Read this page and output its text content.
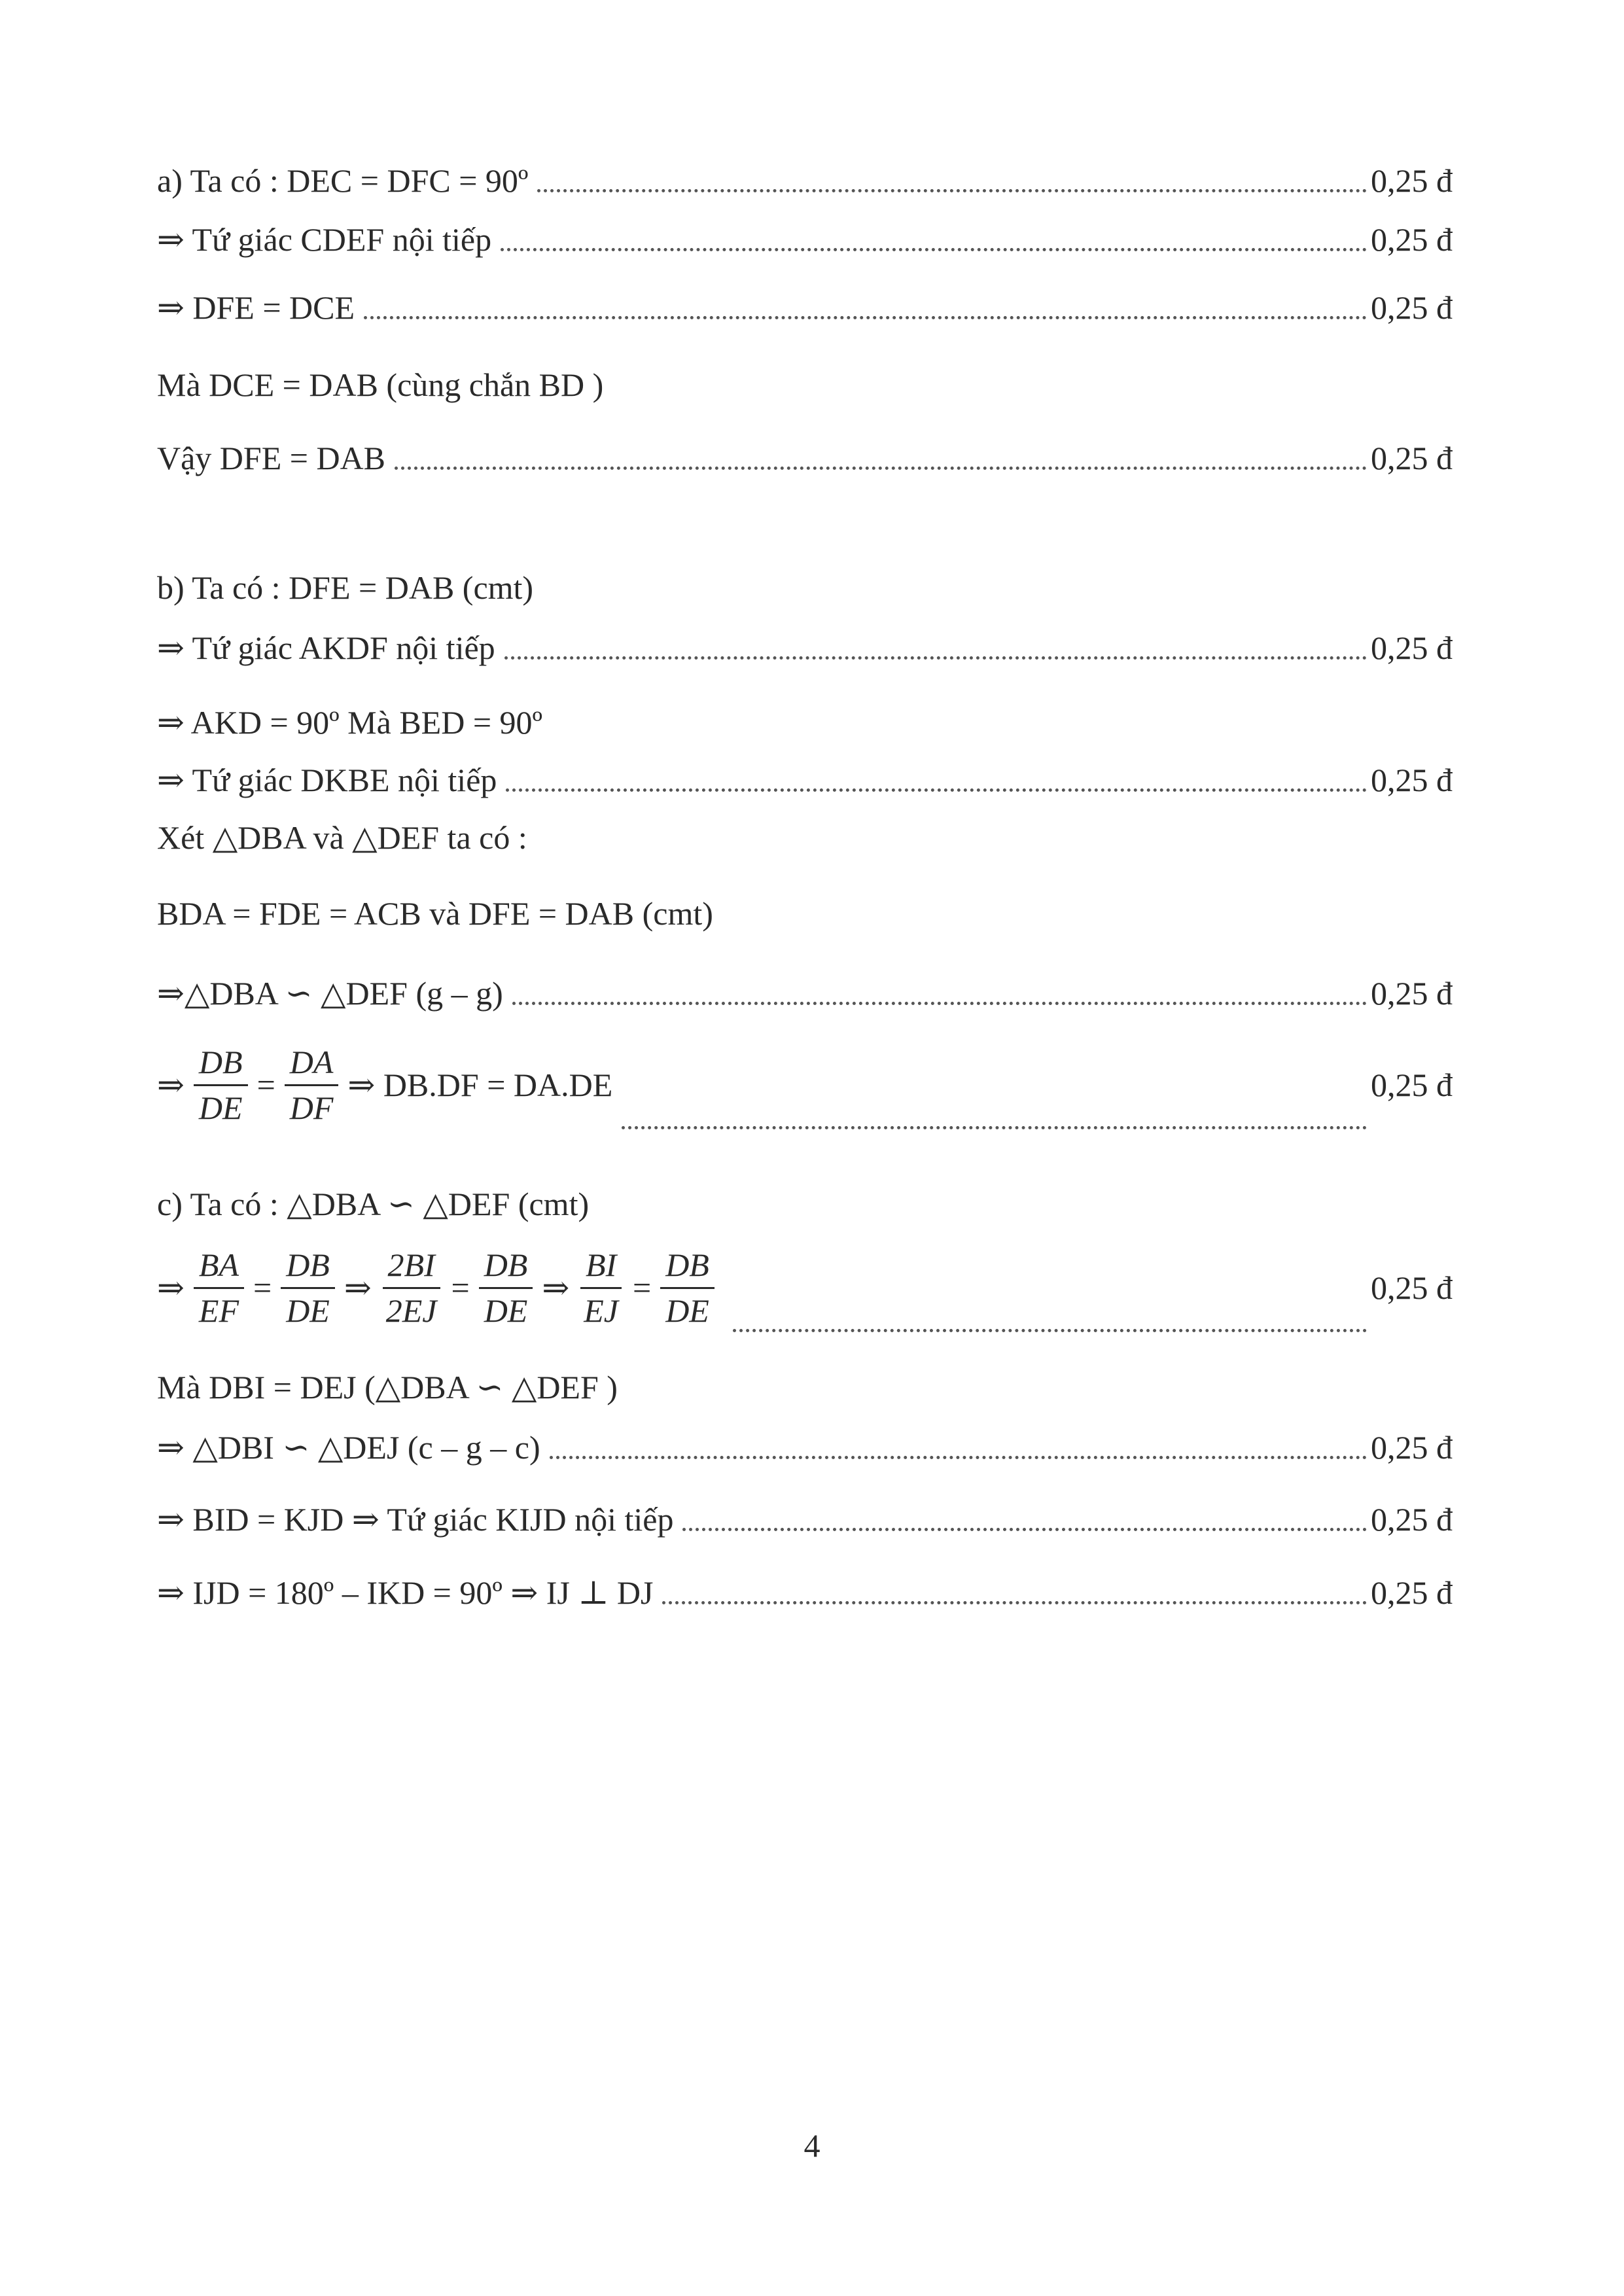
a) Ta có : DEC = DFC = 90º	0,25 đ
⇒ Tứ giác CDEF nội tiếp	0,25 đ
⇒ DFE = DCE	0,25 đ
Mà DCE = DAB (cùng chắn BD )
Vậy DFE = DAB	0,25 đ
b) Ta có : DFE = DAB (cmt)
⇒ Tứ giác AKDF nội tiếp	0,25 đ
⇒ AKD = 90º Mà BED = 90º
⇒ Tứ giác DKBE nội tiếp	0,25 đ
Xét △DBA và △DEF ta có :
BDA = FDE = ACB và DFE = DAB (cmt)
⇒△DBA ∽ △DEF (g – g)	0,25 đ
⇒ $\frac{DB}{DE} = \frac{DA}{DF}$ ⇒ DB.DF = DA.DE	0,25 đ
c) Ta có : △DBA ∽ △DEF (cmt)
⇒ $\frac{BA}{EF} = \frac{DB}{DE}$ ⇒ $\frac{2BI}{2EJ} = \frac{DB}{DE}$ ⇒ $\frac{BI}{EJ} = \frac{DB}{DE}$	0,25 đ
Mà DBI = DEJ (△DBA ∽ △DEF )
⇒ △DBI ∽ △DEJ (c – g – c)	0,25 đ
⇒ BID = KJD ⇒ Tứ giác KIJD nội tiếp	0,25 đ
⇒ IJD = 180º – IKD = 90º ⇒ IJ ⊥ DJ	0,25 đ
4
